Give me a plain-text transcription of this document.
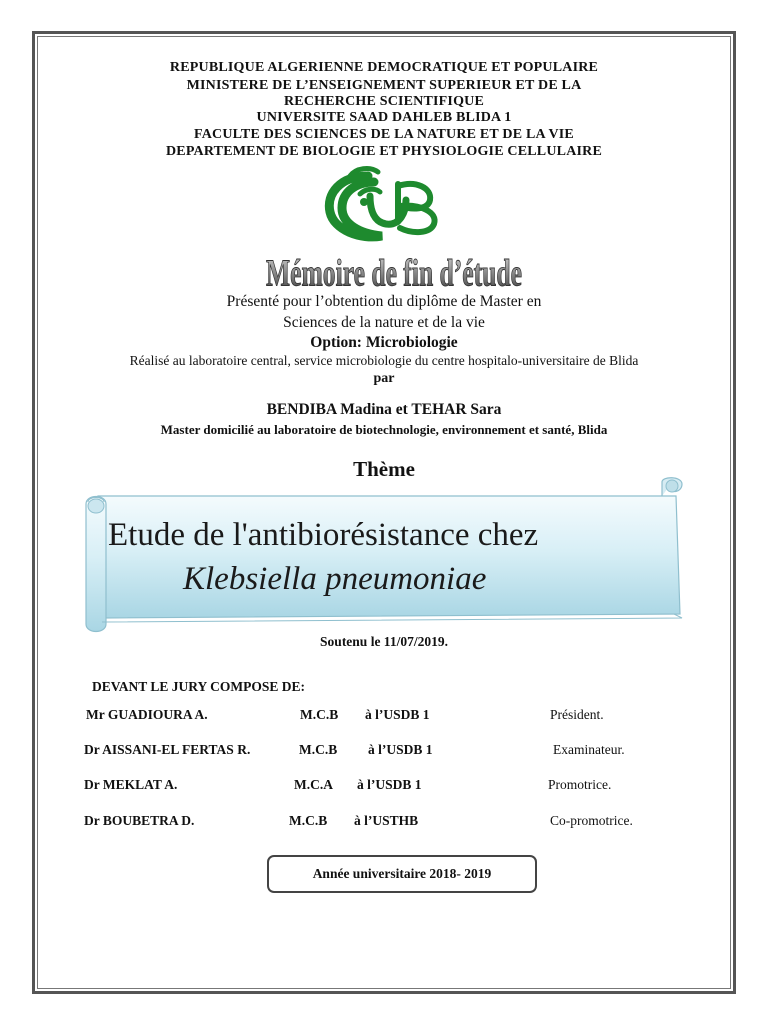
REPUBLIQUE ALGERIENNE DEMOCRATIQUE ET POPULAIRE
MINISTERE DE L’ENSEIGNEMENT SUPERIEUR ET DE LA
RECHERCHE SCIENTIFIQUE
UNIVERSITE SAAD DAHLEB BLIDA 1
FACULTE DES SCIENCES DE LA NATURE ET DE LA VIE
DEPARTEMENT DE BIOLOGIE ET PHYSIOLOGIE CELLULAIRE
Mémoire de fin d’étude
Présenté pour l’obtention du diplôme de Master en
Sciences de la nature et de la vie
Option: Microbiologie
Réalisé au laboratoire central, service microbiologie du centre hospitalo-universitaire de Blida
par
BENDIBA Madina et TEHAR Sara
Master domicilié au laboratoire de biotechnologie, environnement et santé, Blida
Thème
Etude de l'antibiorésistance chez
Klebsiella pneumoniae
Soutenu le 11/07/2019.
DEVANT LE JURY COMPOSE DE:
Mr GUADIOURA A.	M.C.B à l’USDB 1	Président.
Dr AISSANI-EL FERTAS R.	M.C.B à l’USDB 1	Examinateur.
Dr MEKLAT A.	M.C.A à l’USDB 1	Promotrice.
Dr BOUBETRA D.	M.C.B à l’USTHB	Co-promotrice.
Année universitaire 2018- 2019
